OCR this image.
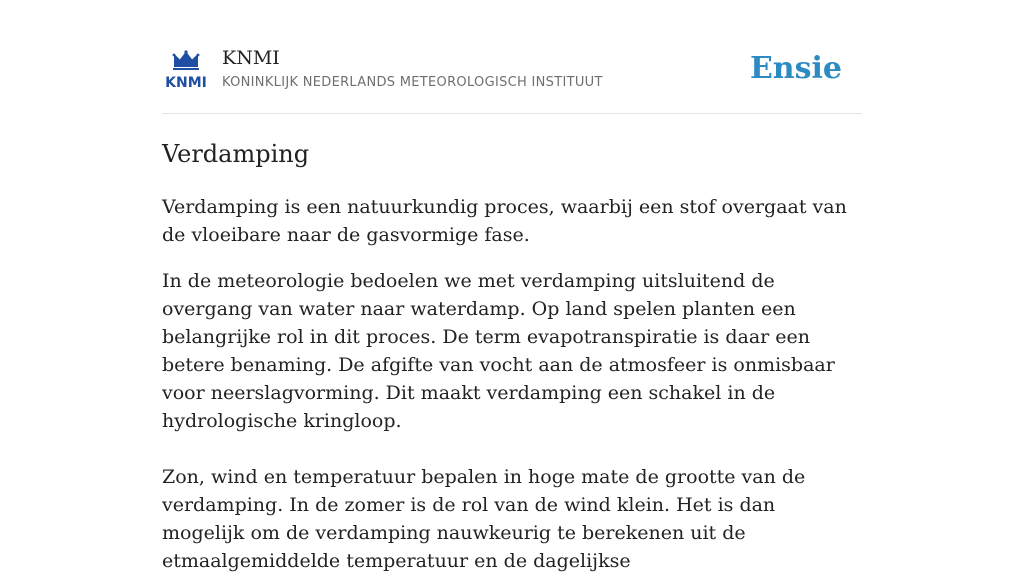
KNMI
KNMI
KONINKLIJK NEDERLANDS METEOROLOGISCH INSTITUUT	Ensie
Verdamping

Verdamping is een natuurkundig proces, waarbij een stof overgaat van de vloeibare naar de gasvormige fase.

In de meteorologie bedoelen we met verdamping uitsluitend de overgang van water naar waterdamp. Op land spelen planten een belangrijke rol in dit proces. De term evapotranspiratie is daar een betere benaming. De afgifte van vocht aan de atmosfeer is onmisbaar voor neerslagvorming. Dit maakt verdamping een schakel in de hydrologische kringloop.

Zon, wind en temperatuur bepalen in hoge mate de grootte van de verdamping. In de zomer is de rol van de wind klein. Het is dan mogelijk om de verdamping nauwkeurig te berekenen uit de etmaalgemiddelde temperatuur en de dagelijkse
